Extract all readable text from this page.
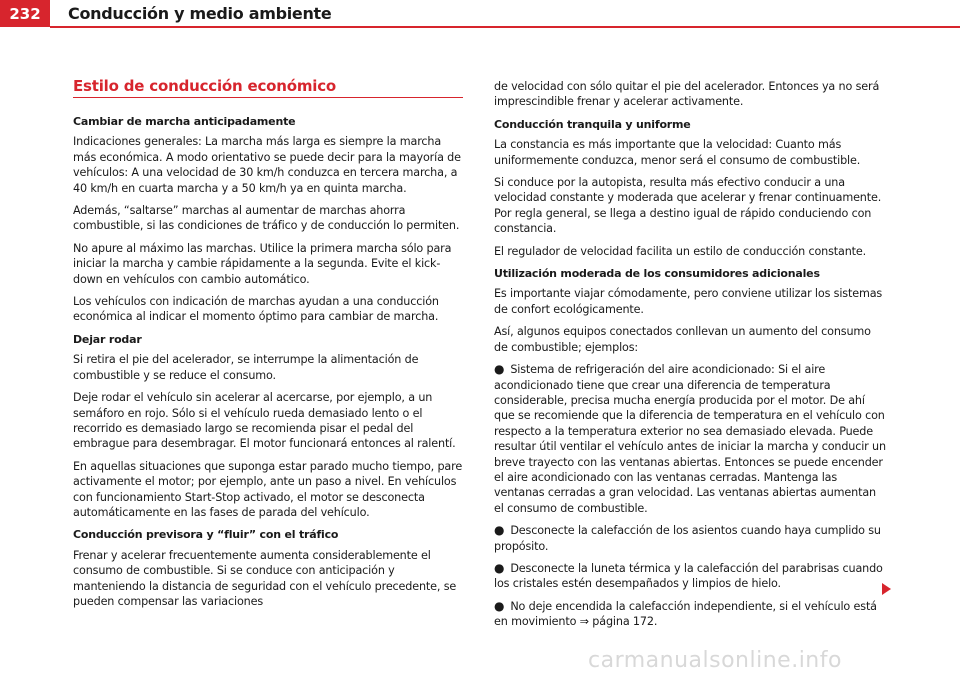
232	Conducción y medio ambiente
Estilo de conducción económico
Cambiar de marcha anticipadamente
Indicaciones generales: La marcha más larga es siempre la marcha más económica. A modo orientativo se puede decir para la mayoría de vehículos: A una velocidad de 30 km/h conduzca en tercera marcha, a 40 km/h en cuarta marcha y a 50 km/h ya en quinta marcha.
Además, “saltarse” marchas al aumentar de marchas ahorra combustible, si las condiciones de tráfico y de conducción lo permiten.
No apure al máximo las marchas. Utilice la primera marcha sólo para iniciar la marcha y cambie rápidamente a la segunda. Evite el kick-down en vehículos con cambio automático.
Los vehículos con indicación de marchas ayudan a una conducción económica al indicar el momento óptimo para cambiar de marcha.
Dejar rodar
Si retira el pie del acelerador, se interrumpe la alimentación de combustible y se reduce el consumo.
Deje rodar el vehículo sin acelerar al acercarse, por ejemplo, a un semáforo en rojo. Sólo si el vehículo rueda demasiado lento o el recorrido es demasiado largo se recomienda pisar el pedal del embrague para desembragar. El motor funcionará entonces al ralentí.
En aquellas situaciones que suponga estar parado mucho tiempo, pare activamente el motor; por ejemplo, ante un paso a nivel. En vehículos con funcionamiento Start-Stop activado, el motor se desconecta automáticamente en las fases de parada del vehículo.
Conducción previsora y “fluir” con el tráfico
Frenar y acelerar frecuentemente aumenta considerablemente el consumo de combustible. Si se conduce con anticipación y manteniendo la distancia de seguridad con el vehículo precedente, se pueden compensar las variaciones
de velocidad con sólo quitar el pie del acelerador. Entonces ya no será imprescindible frenar y acelerar activamente.
Conducción tranquila y uniforme
La constancia es más importante que la velocidad: Cuanto más uniformemente conduzca, menor será el consumo de combustible.
Si conduce por la autopista, resulta más efectivo conducir a una velocidad constante y moderada que acelerar y frenar continuamente. Por regla general, se llega a destino igual de rápido conduciendo con constancia.
El regulador de velocidad facilita un estilo de conducción constante.
Utilización moderada de los consumidores adicionales
Es importante viajar cómodamente, pero conviene utilizar los sistemas de confort ecológicamente.
Así, algunos equipos conectados conllevan un aumento del consumo de combustible; ejemplos:
● Sistema de refrigeración del aire acondicionado: Si el aire acondicionado tiene que crear una diferencia de temperatura considerable, precisa mucha energía producida por el motor. De ahí que se recomiende que la diferencia de temperatura en el vehículo con respecto a la temperatura exterior no sea demasiado elevada. Puede resultar útil ventilar el vehículo antes de iniciar la marcha y conducir un breve trayecto con las ventanas abiertas. Entonces se puede encender el aire acondicionado con las ventanas cerradas. Mantenga las ventanas cerradas a gran velocidad. Las ventanas abiertas aumentan el consumo de combustible.
● Desconecte la calefacción de los asientos cuando haya cumplido su propósito.
● Desconecte la luneta térmica y la calefacción del parabrisas cuando los cristales estén desempañados y limpios de hielo.
● No deje encendida la calefacción independiente, si el vehículo está en movimiento ⇒ página 172.
carmanualsonline.info
